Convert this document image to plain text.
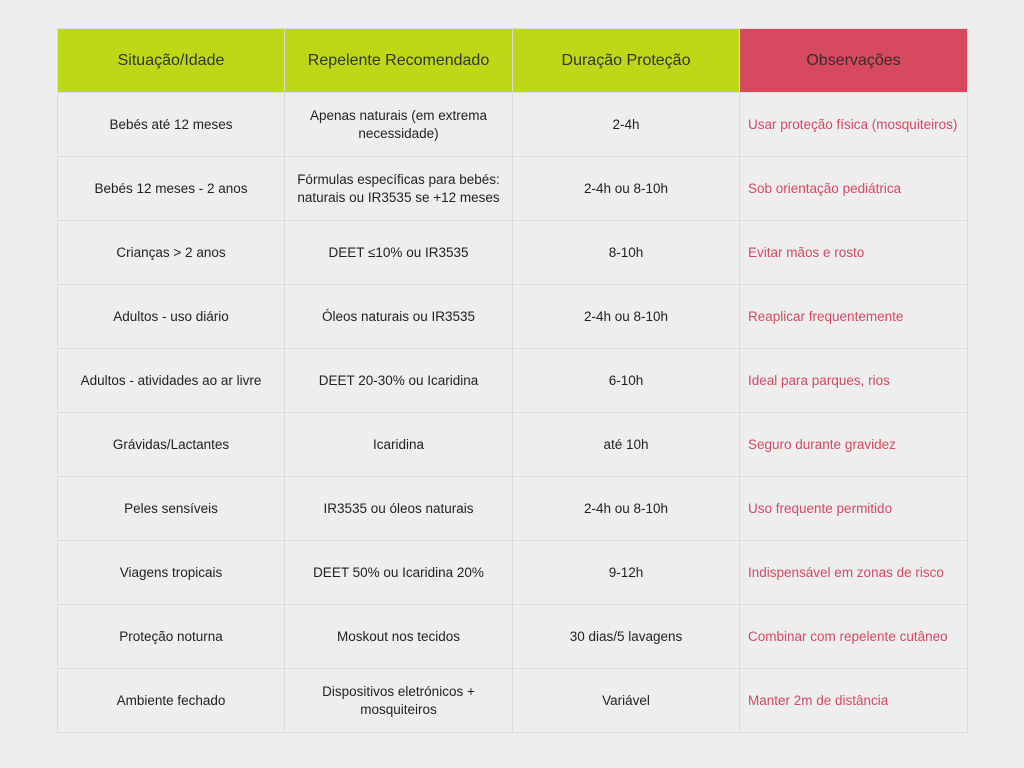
Situação/Idade	Repelente Recomendado	Duração Proteção	Observações
Bebés até 12 meses	Apenas naturais (em extrema necessidade)	2-4h	Usar proteção física (mosquiteiros)
Bebés 12 meses - 2 anos	Fórmulas específicas para bebés: naturais ou IR3535 se +12 meses	2-4h ou 8-10h	Sob orientação pediátrica
Crianças > 2 anos	DEET ≤10% ou IR3535	8-10h	Evitar mãos e rosto
Adultos - uso diário	Óleos naturais ou IR3535	2-4h ou 8-10h	Reaplicar frequentemente
Adultos - atividades ao ar livre	DEET 20-30% ou Icaridina	6-10h	Ideal para parques, rios
Grávidas/Lactantes	Icaridina	até 10h	Seguro durante gravidez
Peles sensíveis	IR3535 ou óleos naturais	2-4h ou 8-10h	Uso frequente permitido
Viagens tropicais	DEET 50% ou Icaridina 20%	9-12h	Indispensável em zonas de risco
Proteção noturna	Moskout nos tecidos	30 dias/5 lavagens	Combinar com repelente cutâneo
Ambiente fechado	Dispositivos eletrónicos + mosquiteiros	Variável	Manter 2m de distância
